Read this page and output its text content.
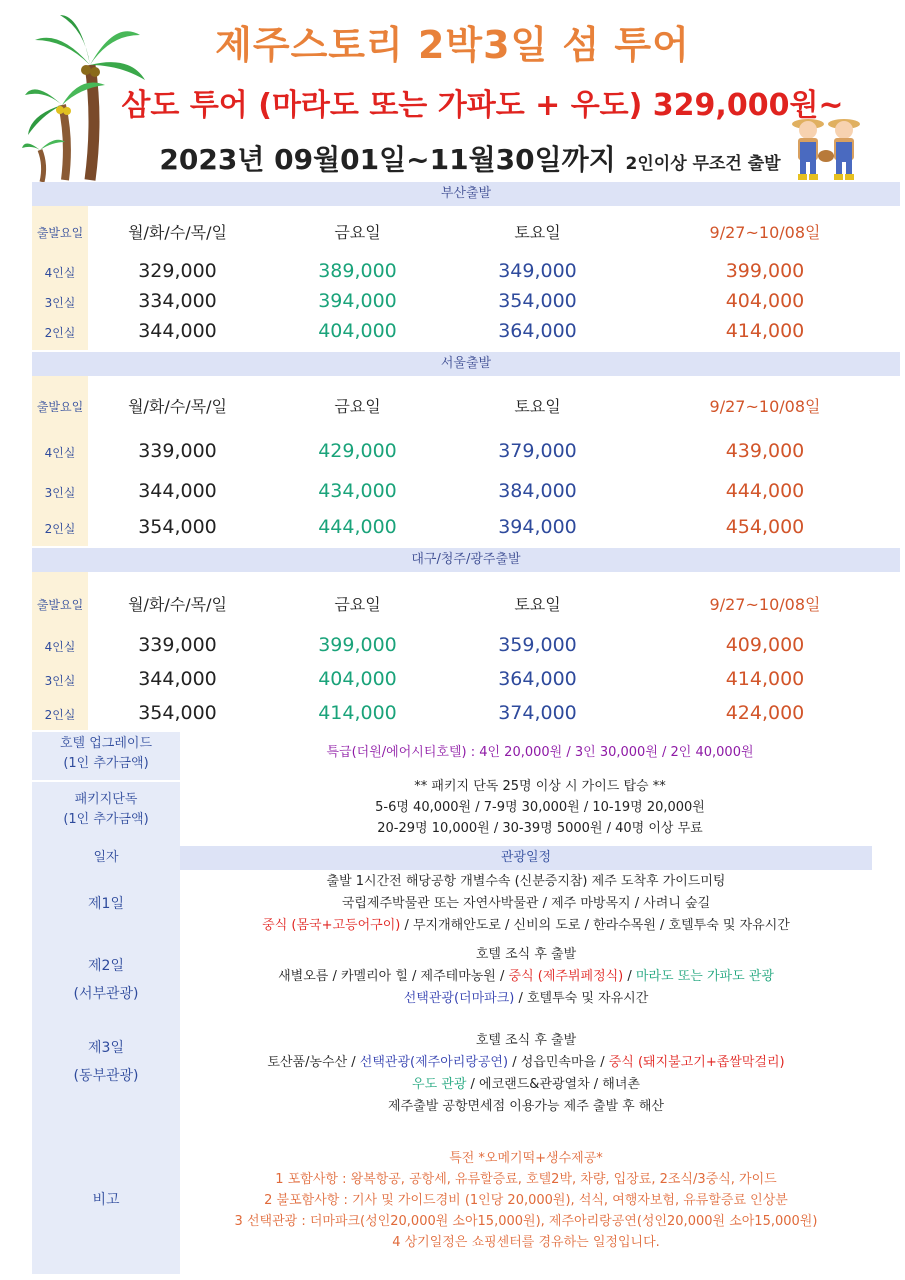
제주스토리 2박3일 섬 투어
삼도 투어 (마라도 또는 가파도 + 우도) 329,000원~
2023년 09월01일~11월30일까지 2인이상 무조건 출발
부산출발
출발요일	월/화/수/목/일	금요일	토요일	9/27~10/08일
4인실	329,000	389,000	349,000	399,000
3인실	334,000	394,000	354,000	404,000
2인실	344,000	404,000	364,000	414,000
서울출발
출발요일	월/화/수/목/일	금요일	토요일	9/27~10/08일
4인실	339,000	429,000	379,000	439,000
3인실	344,000	434,000	384,000	444,000
2인실	354,000	444,000	394,000	454,000
대구/청주/광주출발
출발요일	월/화/수/목/일	금요일	토요일	9/27~10/08일
4인실	339,000	399,000	359,000	409,000
3인실	344,000	404,000	364,000	414,000
2인실	354,000	414,000	374,000	424,000
호텔 업그레이드
(1인 추가금액)
특급(더원/에어시티호텔) : 4인 20,000원 / 3인 30,000원 / 2인 40,000원
패키지단독
(1인 추가금액)
** 패키지 단독 25명 이상 시 가이드 탑승 **
5-6명 40,000원 / 7-9명 30,000원 / 10-19명 20,000원
20-29명 10,000원 / 30-39명 5000원 / 40명 이상 무료
일자	관광일정
제1일
출발 1시간전 해당공항 개별수속 (신분증지참) 제주 도착후 가이드미팅
국립제주박물관 또는 자연사박물관 / 제주 마방목지 / 사려니 숲길
중식 (몸국+고등어구이) / 무지개해안도로 / 신비의 도로 / 한라수목원 / 호텔투숙 및 자유시간
제2일
(서부관광)
호텔 조식 후 출발
새별오름 / 카멜리아 힐 / 제주테마농원 / 중식 (제주뷔페정식) / 마라도 또는 가파도 관광
선택관광(더마파크) / 호텔투숙 및 자유시간
제3일
(동부관광)
호텔 조식 후 출발
토산품/농수산 / 선택관광(제주아리랑공연) / 성읍민속마을 / 중식 (돼지불고기+좁쌀막걸리)
우도 관광 / 에코랜드&관광열차 / 해녀촌
제주출발 공항면세점 이용가능 제주 출발 후 해산
비고
특전 *오메기떡+생수제공*
1 포함사항 : 왕복항공, 공항세, 유류할증료, 호텔2박, 차량, 입장료, 2조식/3중식, 가이드
2 불포함사항 : 기사 및 가이드경비 (1인당 20,000원), 석식, 여행자보험, 유류할증료 인상분
3 선택관광 : 더마파크(성인20,000원 소아15,000원), 제주아리랑공연(성인20,000원 소아15,000원)
4 상기일정은 쇼핑센터를 경유하는 일정입니다.
